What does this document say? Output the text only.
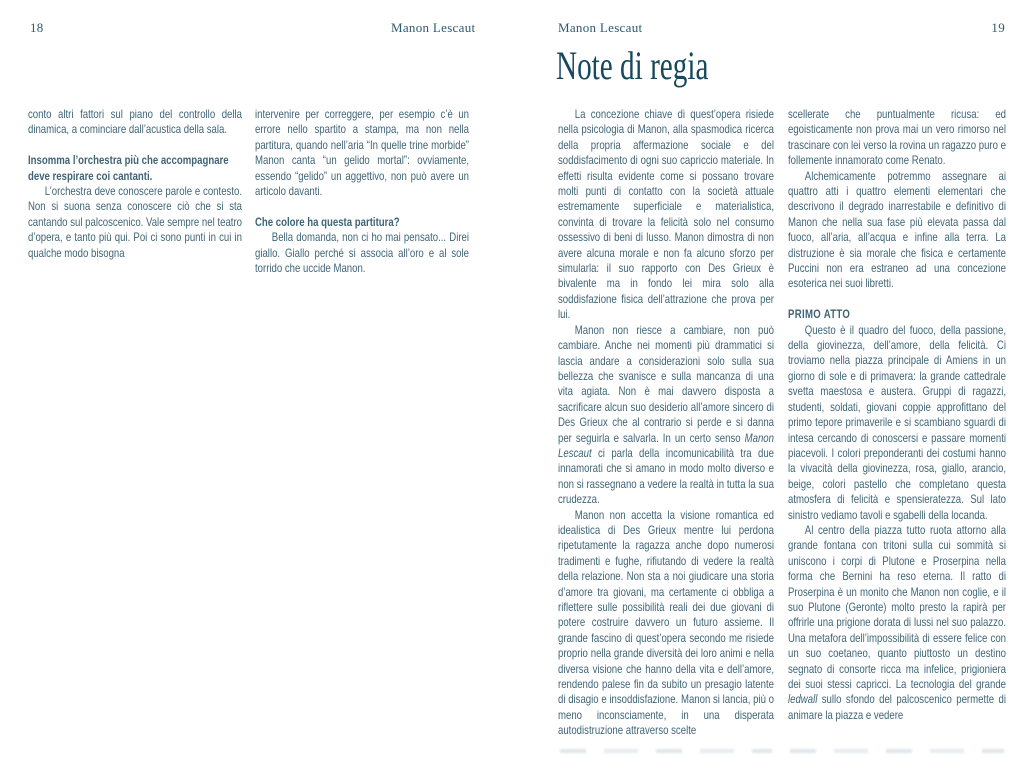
18	Manon Lescaut	Manon Lescaut	19
Note di regia

conto altri fattori sul piano del controllo della dinamica, a cominciare dall’acustica della sala.

Insomma l’orchestra più che accompagnare deve respirare coi cantanti.

L’orchestra deve conoscere parole e contesto. Non si suona senza conoscere ciò che si sta cantando sul palcoscenico. Vale sempre nel teatro d’opera, e tanto più qui. Poi ci sono punti in cui in qualche modo bisogna

intervenire per correggere, per esempio c’è un errore nello spartito a stampa, ma non nella partitura, quando nell’aria “In quelle trine morbide” Manon canta “un gelido mortal”: ovviamente, essendo “gelido” un aggettivo, non può avere un articolo davanti.

Che colore ha questa partitura?

Bella domanda, non ci ho mai pensato... Direi giallo. Giallo perché si associa all’oro e al sole torrido che uccide Manon.

La concezione chiave di quest’opera risiede nella psicologia di Manon, alla spasmodica ricerca della propria affermazione sociale e del soddisfacimento di ogni suo capriccio materiale. In effetti risulta evidente come si possano trovare molti punti di contatto con la società attuale estremamente superficiale e materialistica, convinta di trovare la felicità solo nel consumo ossessivo di beni di lusso. Manon dimostra di non avere alcuna morale e non fa alcuno sforzo per simularla: il suo rapporto con Des Grieux è bivalente ma in fondo lei mira solo alla soddisfazione fisica dell’attrazione che prova per lui.

Manon non riesce a cambiare, non può cambiare. Anche nei momenti più drammatici si lascia andare a considerazioni solo sulla sua bellezza che svanisce e sulla mancanza di una vita agiata. Non è mai davvero disposta a sacrificare alcun suo desiderio all’amore sincero di Des Grieux che al contrario si perde e si danna per seguirla e salvarla. In un certo senso Manon Lescaut ci parla della incomunicabilità tra due innamorati che si amano in modo molto diverso e non si rassegnano a vedere la realtà in tutta la sua crudezza.

Manon non accetta la visione romantica ed idealistica di Des Grieux mentre lui perdona ripetutamente la ragazza anche dopo numerosi tradimenti e fughe, rifiutando di vedere la realtà della relazione. Non sta a noi giudicare una storia d’amore tra giovani, ma certamente ci obbliga a riflettere sulle possibilità reali dei due giovani di potere costruire davvero un futuro assieme. Il grande fascino di quest’opera secondo me risiede proprio nella grande diversità dei loro animi e nella diversa visione che hanno della vita e dell’amore, rendendo palese fin da subito un presagio latente di disagio e insoddisfazione. Manon si lancia, più o meno inconsciamente, in una disperata autodistruzione attraverso scelte

scellerate che puntualmente ricusa: ed egoisticamente non prova mai un vero rimorso nel trascinare con lei verso la rovina un ragazzo puro e follemente innamorato come Renato.

Alchemicamente potremmo assegnare ai quattro atti i quattro elementi elementari che descrivono il degrado inarrestabile e definitivo di Manon che nella sua fase più elevata passa dal fuoco, all’aria, all’acqua e infine alla terra. La distruzione è sia morale che fisica e certamente Puccini non era estraneo ad una concezione esoterica nei suoi libretti.

PRIMO ATTO

Questo è il quadro del fuoco, della passione, della giovinezza, dell’amore, della felicità. Ci troviamo nella piazza principale di Amiens in un giorno di sole e di primavera: la grande cattedrale svetta maestosa e austera. Gruppi di ragazzi, studenti, soldati, giovani coppie approfittano del primo tepore primaverile e si scambiano sguardi di intesa cercando di conoscersi e passare momenti piacevoli. I colori preponderanti dei costumi hanno la vivacità della giovinezza, rosa, giallo, arancio, beige, colori pastello che completano questa atmosfera di felicità e spensieratezza. Sul lato sinistro vediamo tavoli e sgabelli della locanda.

Al centro della piazza tutto ruota attorno alla grande fontana con tritoni sulla cui sommità si uniscono i corpi di Plutone e Proserpina nella forma che Bernini ha reso eterna. Il ratto di Proserpina è un monito che Manon non coglie, e il suo Plutone (Geronte) molto presto la rapirà per offrirle una prigione dorata di lussi nel suo palazzo. Una metafora dell’impossibilità di essere felice con un suo coetaneo, quanto piuttosto un destino segnato di consorte ricca ma infelice, prigioniera dei suoi stessi capricci. La tecnologia del grande ledwall sullo sfondo del palcoscenico permette di animare la piazza e vedere
